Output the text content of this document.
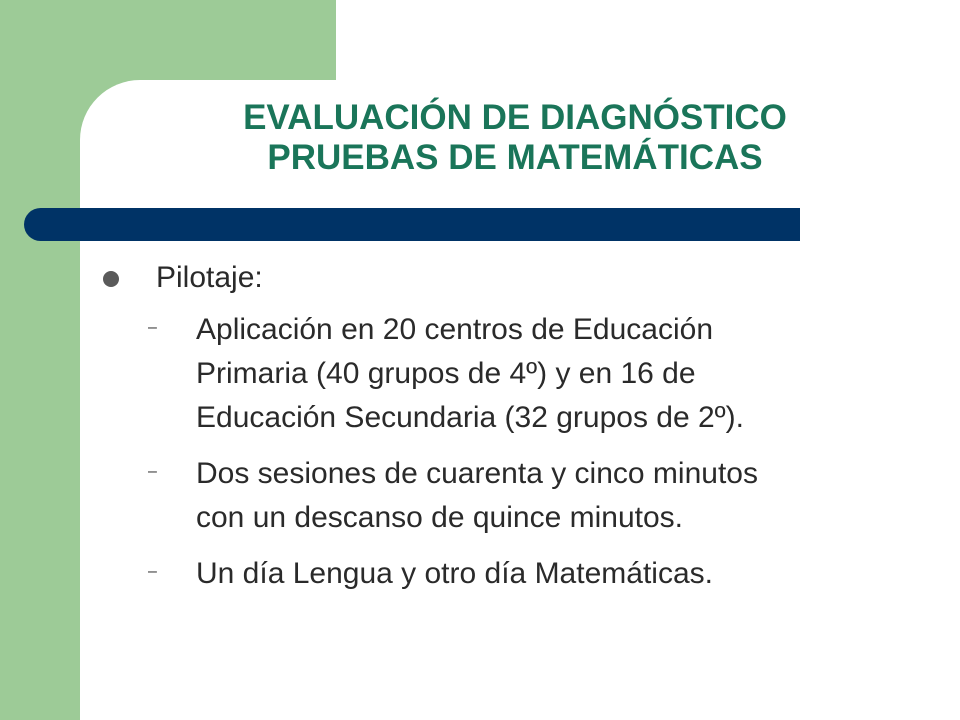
EVALUACIÓN DE DIAGNÓSTICO
PRUEBAS DE MATEMÁTICAS
Pilotaje:
– Aplicación en 20 centros de Educación
Primaria (40 grupos de 4º) y en 16 de
Educación Secundaria (32 grupos de 2º).
– Dos sesiones de cuarenta y cinco minutos
con un descanso de quince minutos.
– Un día Lengua y otro día Matemáticas.
